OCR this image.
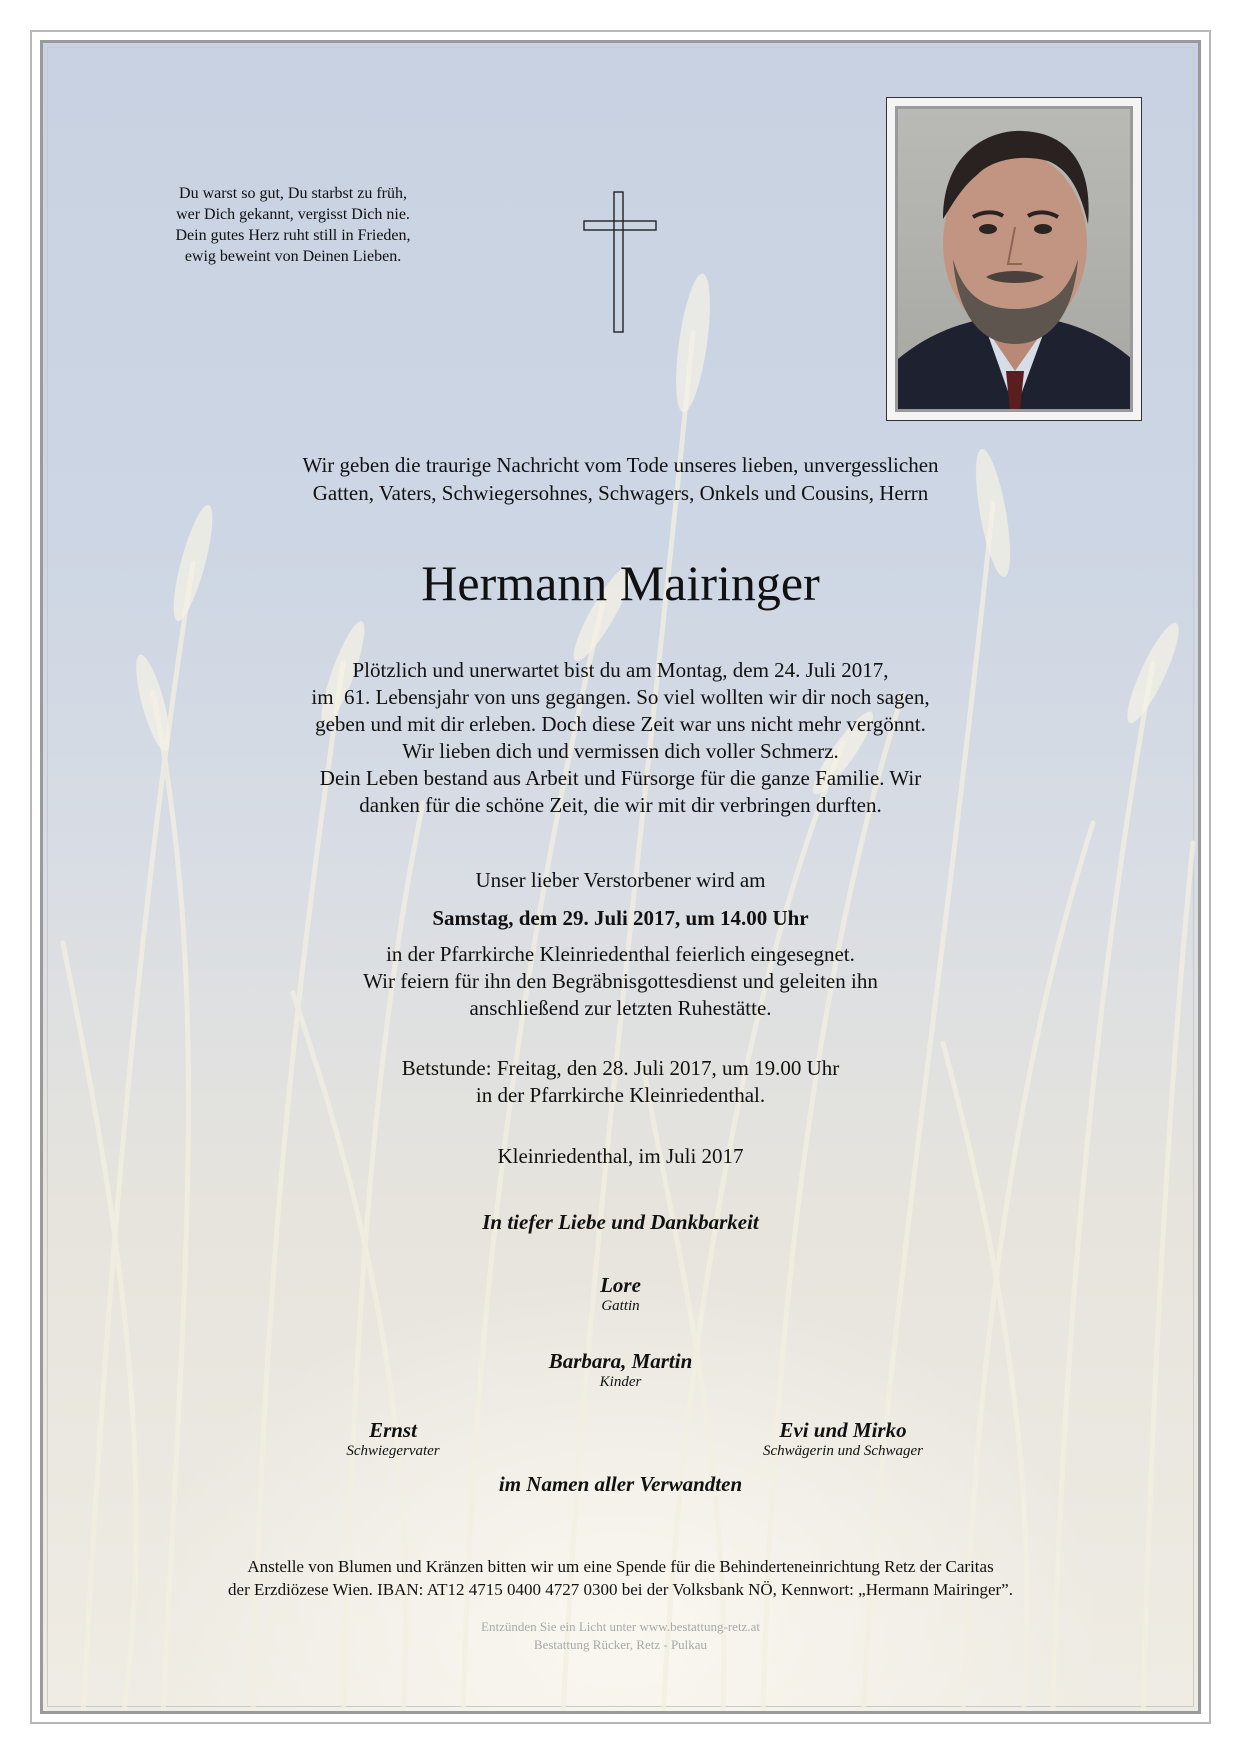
Du warst so gut, Du starbst zu früh,
wer Dich gekannt, vergisst Dich nie.
Dein gutes Herz ruht still in Frieden,
ewig beweint von Deinen Lieben.
Wir geben die traurige Nachricht vom Tode unseres lieben, unvergesslichen
Gatten, Vaters, Schwiegersohnes, Schwagers, Onkels und Cousins, Herrn
Hermann Mairinger
Plötzlich und unerwartet bist du am Montag, dem 24. Juli 2017,
im  61. Lebensjahr von uns gegangen. So viel wollten wir dir noch sagen,
geben und mit dir erleben. Doch diese Zeit war uns nicht mehr vergönnt.
Wir lieben dich und vermissen dich voller Schmerz.
Dein Leben bestand aus Arbeit und Fürsorge für die ganze Familie. Wir
danken für die schöne Zeit, die wir mit dir verbringen durften.
Unser lieber Verstorbener wird am
Samstag, dem 29. Juli 2017, um 14.00 Uhr
in der Pfarrkirche Kleinriedenthal feierlich eingesegnet.
Wir feiern für ihn den Begräbnisgottesdienst und geleiten ihn
anschließend zur letzten Ruhestätte.
Betstunde: Freitag, den 28. Juli 2017, um 19.00 Uhr
in der Pfarrkirche Kleinriedenthal.
Kleinriedenthal, im Juli 2017
In tiefer Liebe und Dankbarkeit
Lore
Gattin
Barbara, Martin
Kinder
Ernst
Schwiegervater
Evi und Mirko
Schwägerin und Schwager
im Namen aller Verwandten
Anstelle von Blumen und Kränzen bitten wir um eine Spende für die Behinderteneinrichtung Retz der Caritas
der Erzdiözese Wien. IBAN: AT12 4715 0400 4727 0300 bei der Volksbank NÖ, Kennwort: „Hermann Mairinger”.
Entzünden Sie ein Licht unter www.bestattung-retz.at
Bestattung Rücker, Retz - Pulkau
